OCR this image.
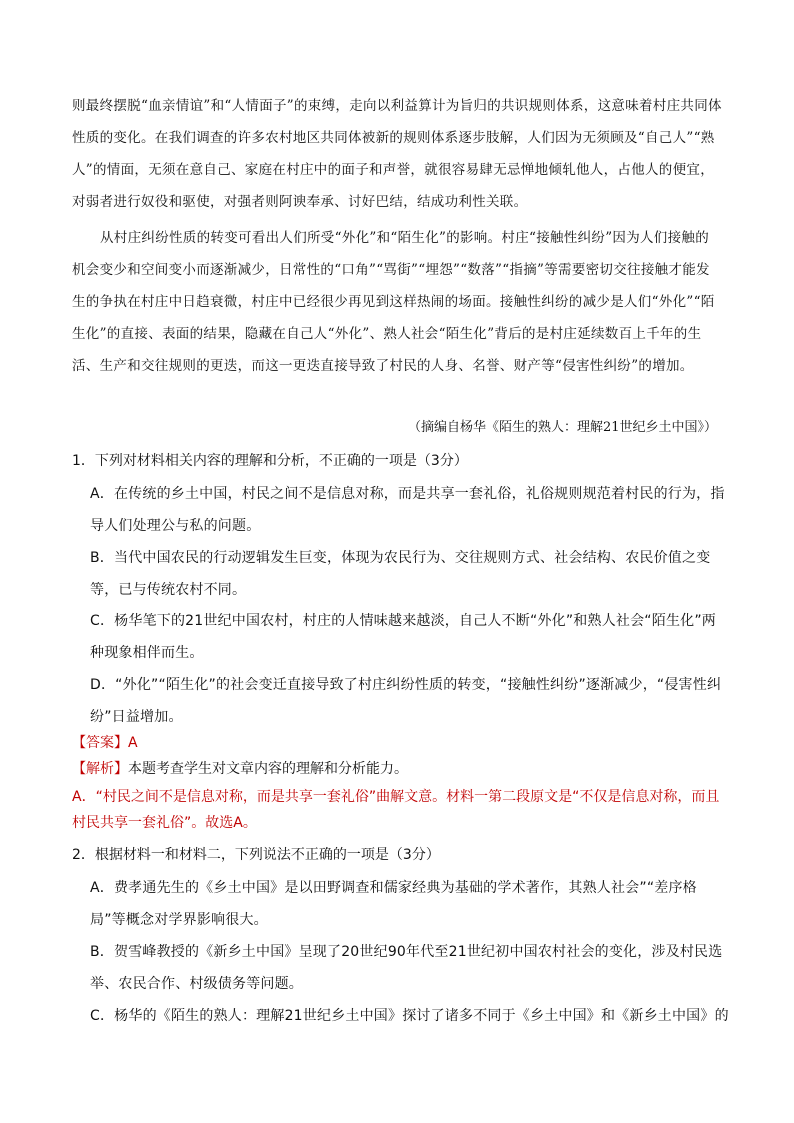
则最终摆脱“血亲情谊”和“人情面子”的束缚，走向以利益算计为旨归的共识规则体系，这意味着村庄共同体性质的变化。在我们调查的许多农村地区共同体被新的规则体系逐步肢解，人们因为无须顾及“自己人”“熟人”的情面，无须在意自己、家庭在村庄中的面子和声誉，就很容易肆无忌惮地倾轧他人，占他人的便宜，对弱者进行奴役和驱使，对强者则阿谀奉承、讨好巴结，结成功利性关联。

从村庄纠纷性质的转变可看出人们所受“外化”和“陌生化”的影响。村庄“接触性纠纷”因为人们接触的机会变少和空间变小而逐渐减少，日常性的“口角”“骂街”“埋怨”“数落”“指摘”等需要密切交往接触才能发生的争执在村庄中日趋衰微，村庄中已经很少再见到这样热闹的场面。接触性纠纷的减少是人们“外化”“陌生化”的直接、表面的结果，隐藏在自己人“外化”、熟人社会“陌生化”背后的是村庄延续数百上千年的生活、生产和交往规则的更迭，而这一更迭直接导致了村民的人身、名誉、财产等“侵害性纠纷”的增加。

（摘编自杨华《陌生的熟人：理解21世纪乡土中国》）

1．下列对材料相关内容的理解和分析，不正确的一项是（3分）

A．在传统的乡土中国，村民之间不是信息对称，而是共享一套礼俗，礼俗规则规范着村民的行为，指导人们处理公与私的问题。

B．当代中国农民的行动逻辑发生巨变，体现为农民行为、交往规则方式、社会结构、农民价值之变等，已与传统农村不同。

C．杨华笔下的21世纪中国农村，村庄的人情味越来越淡，自己人不断“外化”和熟人社会“陌生化”两种现象相伴而生。

D．“外化”“陌生化”的社会变迁直接导致了村庄纠纷性质的转变，“接触性纠纷”逐渐减少，“侵害性纠纷”日益增加。

【答案】A

【解析】本题考查学生对文章内容的理解和分析能力。

A．“村民之间不是信息对称，而是共享一套礼俗”曲解文意。材料一第二段原文是“不仅是信息对称，而且村民共享一套礼俗”。故选A。

2．根据材料一和材料二，下列说法不正确的一项是（3分）

A．费孝通先生的《乡土中国》是以田野调查和儒家经典为基础的学术著作，其熟人社会”“差序格局”等概念对学界影响很大。

B．贺雪峰教授的《新乡土中国》呈现了20世纪90年代至21世纪初中国农村社会的变化，涉及村民选举、农民合作、村级债务等问题。

C．杨华的《陌生的熟人：理解21世纪乡土中国》探讨了诸多不同于《乡土中国》和《新乡土中国》的
